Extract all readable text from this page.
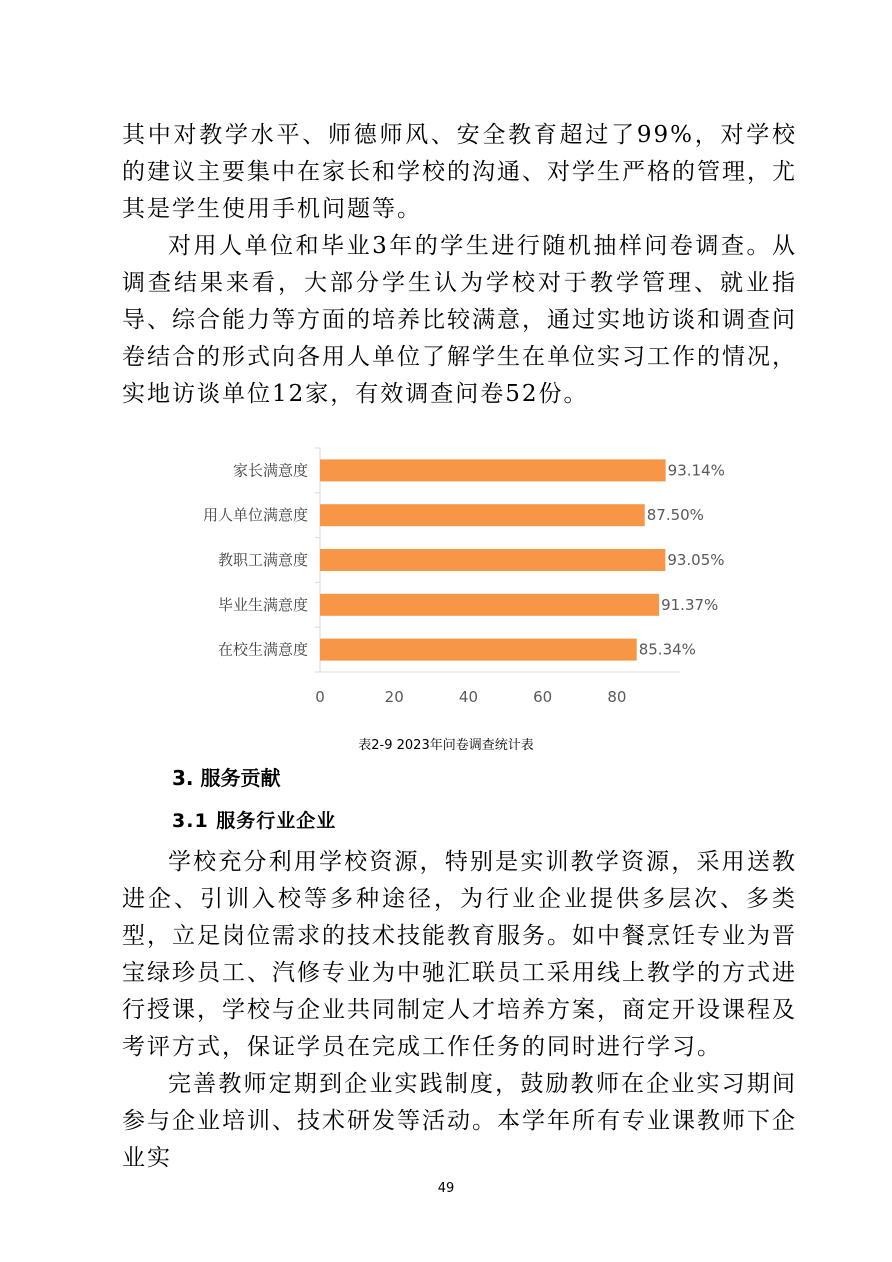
其中对教学水平、师德师风、安全教育超过了99%，对学校的建议主要集中在家长和学校的沟通、对学生严格的管理，尤其是学生使用手机问题等。

对用人单位和毕业3年的学生进行随机抽样问卷调查。从调查结果来看，大部分学生认为学校对于教学管理、就业指导、综合能力等方面的培养比较满意，通过实地访谈和调查问卷结合的形式向各用人单位了解学生在单位实习工作的情况，实地访谈单位12家，有效调查问卷52份。

家长满意度	93.14%
用人单位满意度	87.50%
教职工满意度	93.05%
毕业生满意度	91.37%
在校生满意度	85.34%
0	20	40	60	80

表2-9 2023年问卷调查统计表

3. 服务贡献
3.1 服务行业企业

学校充分利用学校资源，特别是实训教学资源，采用送教进企、引训入校等多种途径，为行业企业提供多层次、多类型，立足岗位需求的技术技能教育服务。如中餐烹饪专业为晋宝绿珍员工、汽修专业为中驰汇联员工采用线上教学的方式进行授课，学校与企业共同制定人才培养方案，商定开设课程及考评方式，保证学员在完成工作任务的同时进行学习。

完善教师定期到企业实践制度，鼓励教师在企业实习期间参与企业培训、技术研发等活动。本学年所有专业课教师下企业实

49
